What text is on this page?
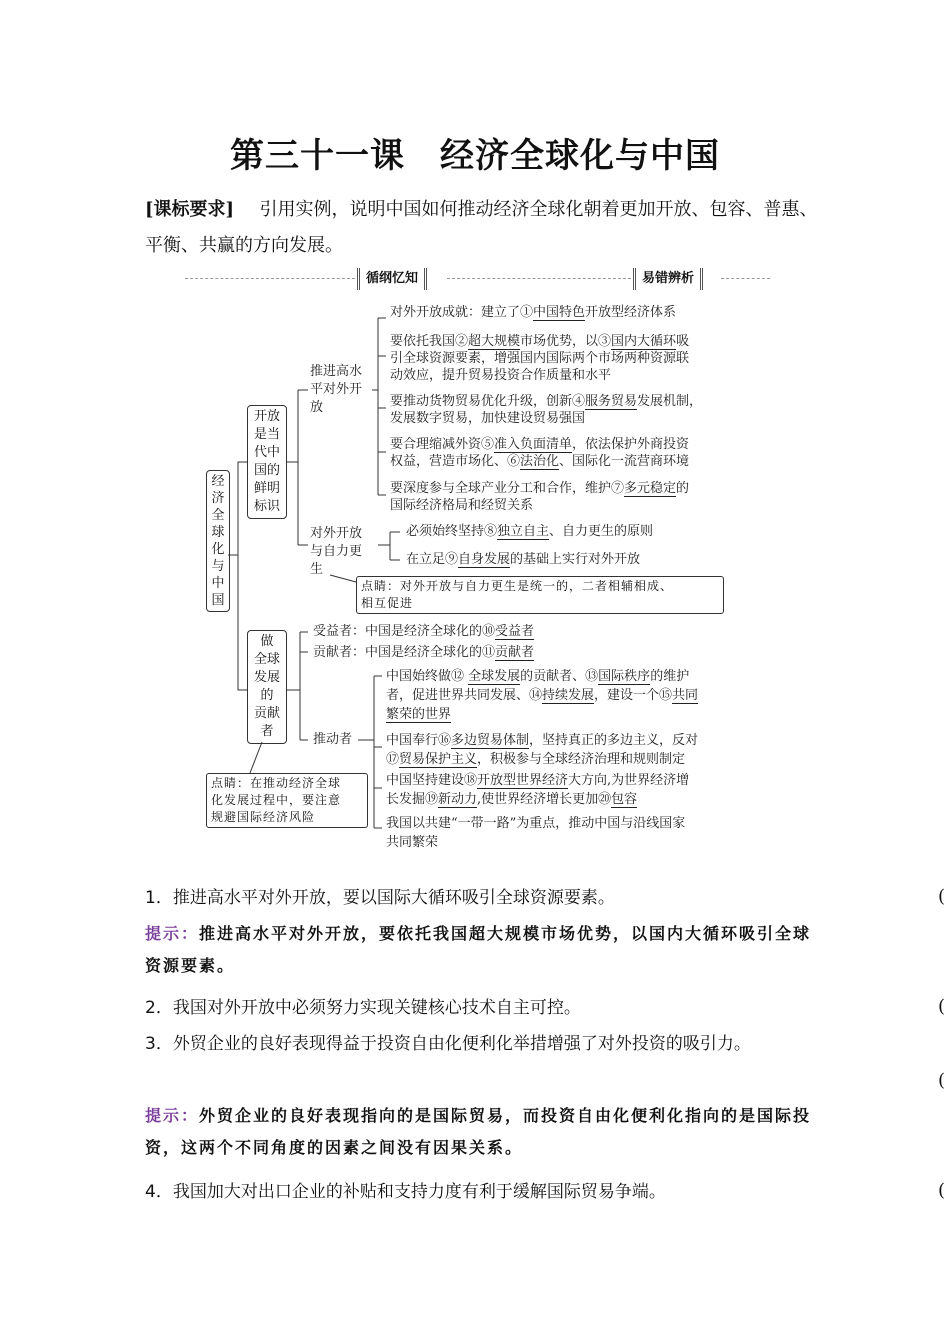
第三十一课　经济全球化与中国
[课标要求] 引用实例，说明中国如何推动经济全球化朝着更加开放、包容、普惠、平衡、共赢的方向发展。
循纲忆知	易错辨析
经
济
全
球
化
与
中
国
开放
是当
代中
国的
鲜明
标识
做
全球
发展
的
贡献
者
推进高水
平对外开
放
对外开放
与自力更
生
对外开放成就：建立了①中国特色开放型经济体系
要依托我国②超大规模市场优势，以③国内大循环吸
引全球资源要素，增强国内国际两个市场两种资源联
动效应，提升贸易投资合作质量和水平
要推动货物贸易优化升级，创新④服务贸易发展机制，
发展数字贸易，加快建设贸易强国
要合理缩减外资⑤准入负面清单，依法保护外商投资
权益，营造市场化、⑥法治化、国际化一流营商环境
要深度参与全球产业分工和合作，维护⑦多元稳定的
国际经济格局和经贸关系
必须始终坚持⑧独立自主、自力更生的原则
在立足⑨自身发展的基础上实行对外开放
点睛：对外开放与自力更生是统一的，二者相辅相成、
相互促进
受益者：中国是经济全球化的⑩受益者
贡献者：中国是经济全球化的⑪贡献者
推动者
中国始终做⑫ 全球发展的贡献者、⑬国际秩序的维护
者，促进世界共同发展、⑭持续发展，建设一个⑮共同
繁荣的世界
中国奉行⑯多边贸易体制，坚持真正的多边主义，反对
⑰贸易保护主义，积极参与全球经济治理和规则制定
中国坚持建设⑱开放型世界经济大方向,为世界经济增
长发掘⑲新动力,使世界经济增长更加⑳包容
我国以共建“一带一路”为重点，推动中国与沿线国家
共同繁荣
点睛：在推动经济全球
化发展过程中，要注意
规避国际经济风险
1．推进高水平对外开放，要以国际大循环吸引全球资源要素。	(
提示：推进高水平对外开放，要依托我国超大规模市场优势，以国内大循环吸引全球资源要素。
2．我国对外开放中必须努力实现关键核心技术自主可控。	(
3．外贸企业的良好表现得益于投资自由化便利化举措增强了对外投资的吸引力。
(
提示：外贸企业的良好表现指向的是国际贸易，而投资自由化便利化指向的是国际投资，这两个不同角度的因素之间没有因果关系。
4．我国加大对出口企业的补贴和支持力度有利于缓解国际贸易争端。	(
